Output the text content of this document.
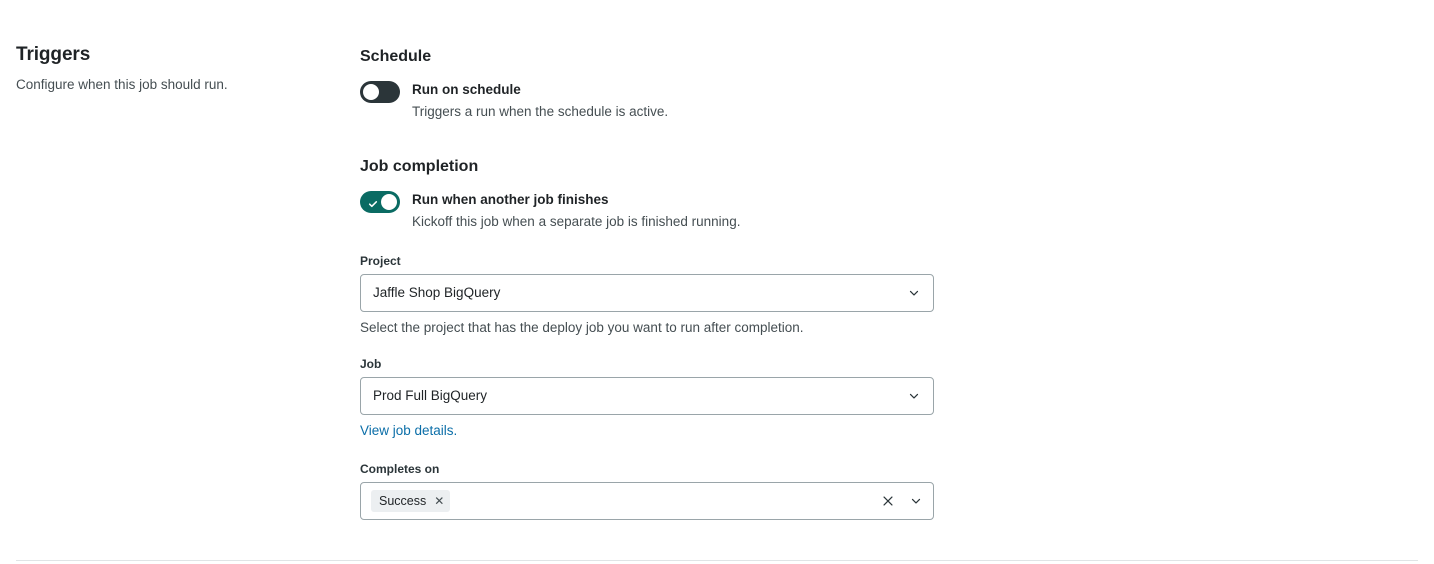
Triggers

Configure when this job should run.

Schedule
Run on schedule
Triggers a run when the schedule is active.
Job completion
Run when another job finishes
Kickoff this job when a separate job is finished running.
Project
Jaffle Shop BigQuery
Select the project that has the deploy job you want to run after completion.
Job
Prod Full BigQuery
View job details.
Completes on
Success ✕
